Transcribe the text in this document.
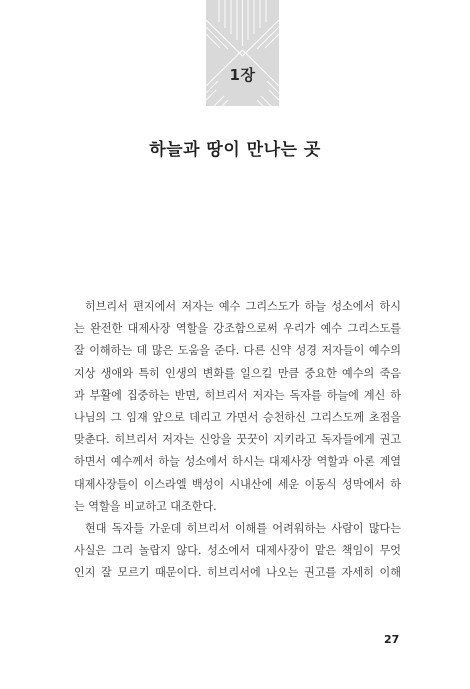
1장
하늘과 땅이 만나는 곳
히브리서 편지에서 저자는 예수 그리스도가 하늘 성소에서 하시
는 완전한 대제사장 역할을 강조함으로써 우리가 예수 그리스도를
잘 이해하는 데 많은 도움을 준다. 다른 신약 성경 저자들이 예수의
지상 생애와 특히 인생의 변화를 일으킬 만큼 중요한 예수의 죽음
과 부활에 집중하는 반면, 히브리서 저자는 독자를 하늘에 계신 하
나님의 그 임재 앞으로 데리고 가면서 승천하신 그리스도께 초점을
맞춘다. 히브리서 저자는 신앙을 꿋꿋이 지키라고 독자들에게 권고
하면서 예수께서 하늘 성소에서 하시는 대제사장 역할과 아론 계열
대제사장들이 이스라엘 백성이 시내산에 세운 이동식 성막에서 하
는 역할을 비교하고 대조한다.
현대 독자들 가운데 히브리서 이해를 어려워하는 사람이 많다는
사실은 그리 놀랍지 않다. 성소에서 대제사장이 맡은 책임이 무엇
인지 잘 모르기 때문이다. 히브리서에 나오는 권고를 자세히 이해
27
